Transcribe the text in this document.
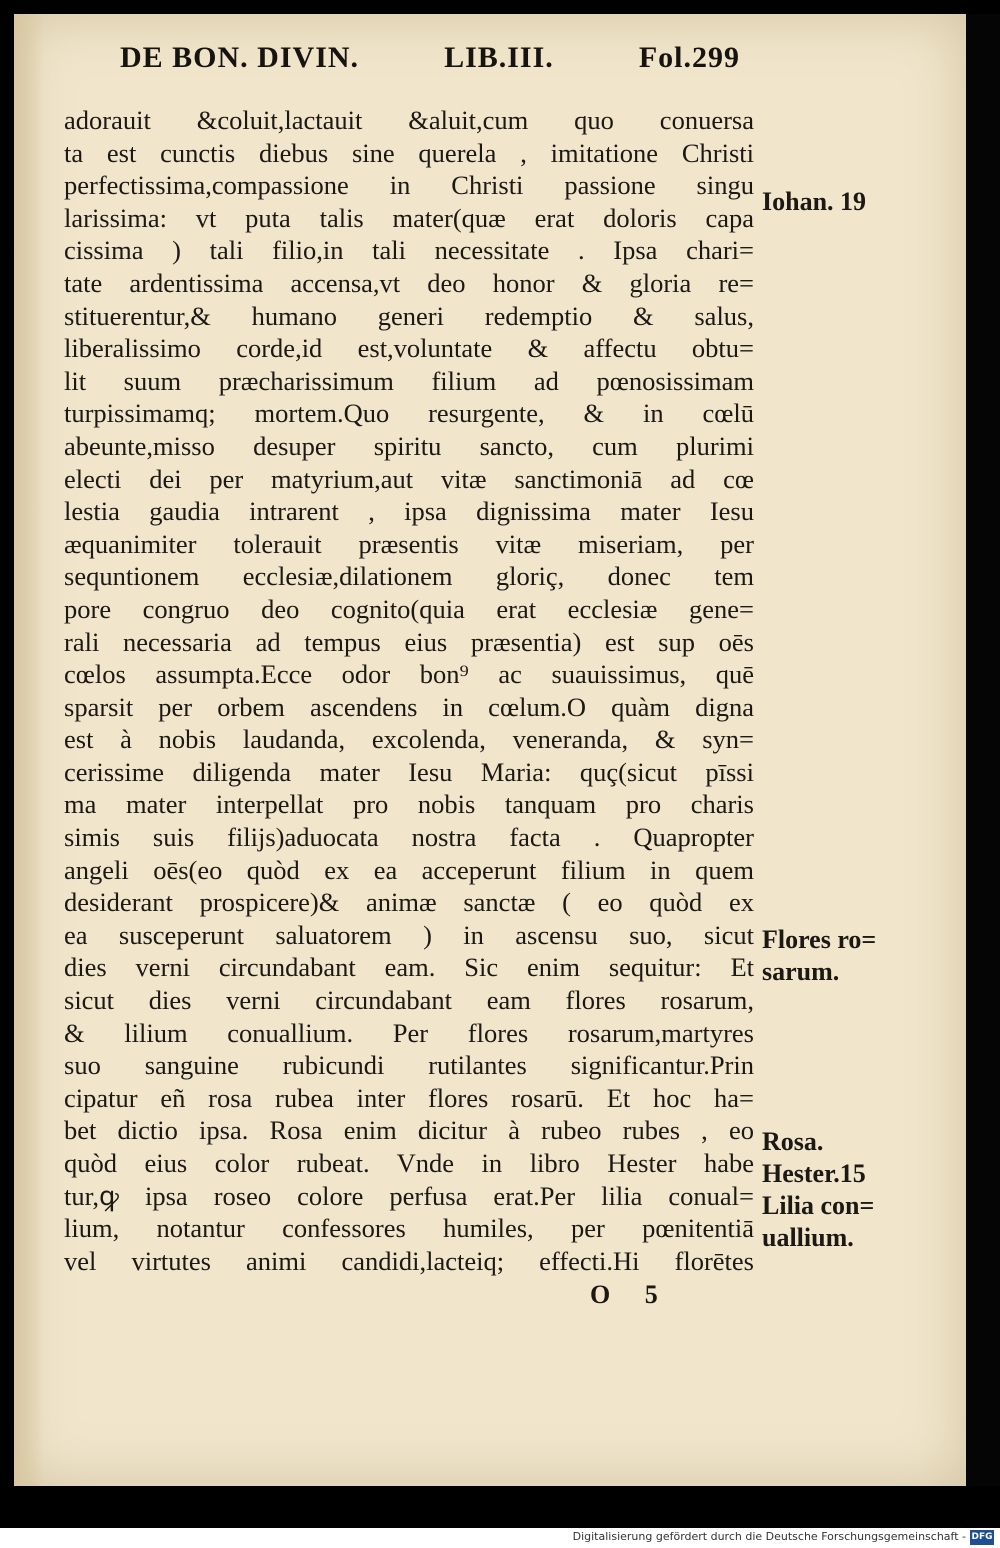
DE BON. DIVIN.	LIB.III.	Fol.299
adorauit &coluit,lactauit &aluit,cum quo conuersa
ta est cunctis diebus sine querela , imitatione Christi
perfectissima,compassione in Christi passione singu
larissima: vt puta talis mater(quæ erat doloris capa
cissima ) tali filio,in tali necessitate . Ipsa chari=
tate ardentissima accensa,vt deo honor & gloria re=
stituerentur,& humano generi redemptio & salus,
liberalissimo corde,id est,voluntate & affectu obtu=
lit suum præcharissimum filium ad pœnosissimam
turpissimamq; mortem.Quo resurgente, & in cœlū
abeunte,misso desuper spiritu sancto, cum plurimi
electi dei per matyrium,aut vitæ sanctimoniā ad cœ
lestia gaudia intrarent , ipsa dignissima mater Iesu
æquanimiter tolerauit præsentis vitæ miseriam, per
sequntionem ecclesiæ,dilationem gloriç, donec tem
pore congruo deo cognito(quia erat ecclesiæ gene=
rali necessaria ad tempus eius præsentia) est sup oēs
cœlos assumpta.Ecce odor bon⁹ ac suauissimus, quē
sparsit per orbem ascendens in cœlum.O quàm digna
est à nobis laudanda, excolenda, veneranda, & syn=
cerissime diligenda mater Iesu Maria: quç(sicut pīssi
ma mater interpellat pro nobis tanquam pro charis
simis suis filijs)aduocata nostra facta . Quapropter
angeli oēs(eo quòd ex ea acceperunt filium in quem
desiderant prospicere)& animæ sanctæ ( eo quòd ex
ea susceperunt saluatorem ) in ascensu suo, sicut
dies verni circundabant eam. Sic enim sequitur: Et
sicut dies verni circundabant eam flores rosarum,
& lilium conuallium. Per flores rosarum,martyres
suo sanguine rubicundi rutilantes significantur.Prin
cipatur eñ rosa rubea inter flores rosarū. Et hoc ha=
bet dictio ipsa. Rosa enim dicitur à rubeo rubes , eo
quòd eius color rubeat. Vnde in libro Hester habe
tur,ꝙ ipsa roseo colore perfusa erat.Per lilia conual=
lium, notantur confessores humiles, per pœnitentiā
vel virtutes animi candidi,lacteiq; effecti.Hi florētes
Iohan. 19
Flores ro=
sarum.
Rosa.
Hester.15
Lilia con=
uallium.
O 5
Digitalisierung gefördert durch die Deutsche Forschungsgemeinschaft - DFG
